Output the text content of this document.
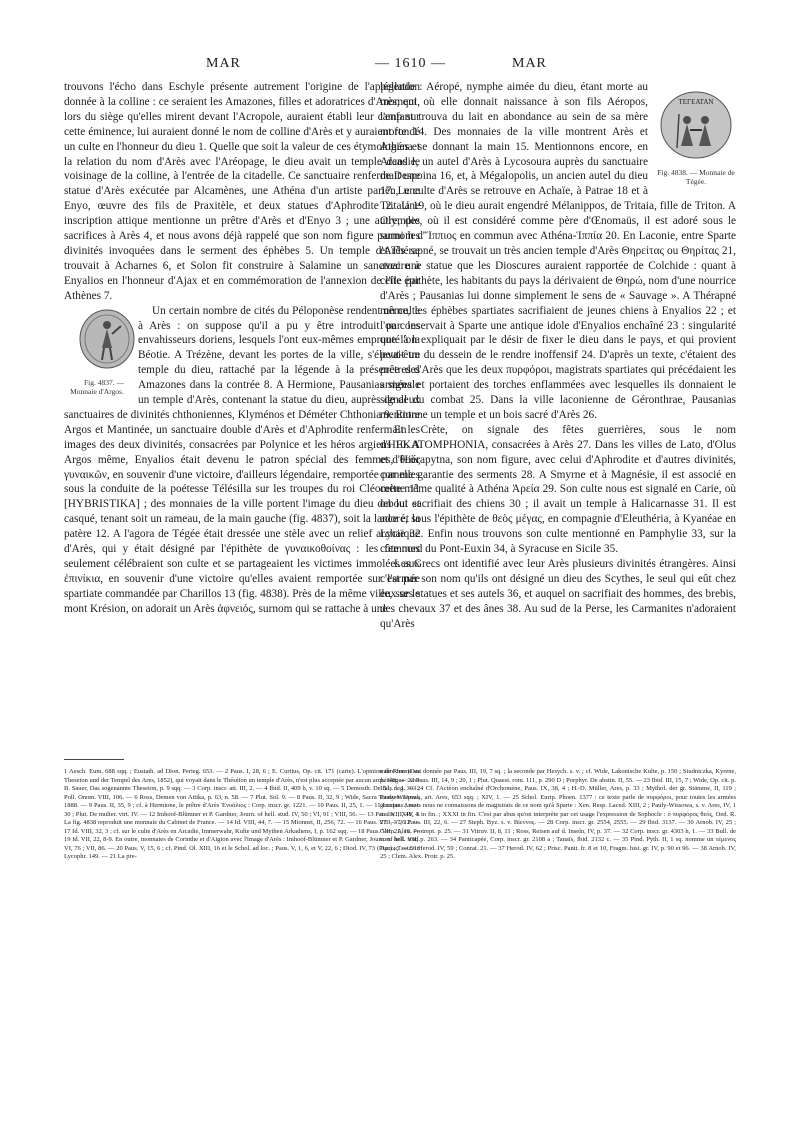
MAR	— 1610 —	MAR

trouvons l'écho dans Eschyle présente autrement l'origine de l'appellation donnée à la colline : ce seraient les Amazones, filles et adoratrices d'Arès, qui, lors du siège qu'elles mirent devant l'Acropole, auraient établi leur camp sur cette éminence, lui auraient donné le nom de colline d'Arès et y auraient fondé un culte en l'honneur du dieu 1. Quelle que soit la valeur de ces étymologies et la relation du nom d'Arès avec l'Aréopage, le dieu avait un temple dans le voisinage de la colline, à l'entrée de la citadelle. Ce sanctuaire renfermait une statue d'Arès exécutée par Alcamènes, une Athéna d'un artiste parien, une Enyo, œuvre des fils de Praxitèle, et deux statues d'Aphrodite 2. Une inscription attique mentionne un prêtre d'Arès et d'Enyo 3 ; une autre, des sacrifices à Arès 4, et nous avons déjà rappelé que son nom figure parmi les divinités invoquées dans le serment des éphèbes 5. Un temple d'Arès se trouvait à Acharnes 6, et Solon fit construire à Salamine un sanctuaire à Enyalios en l'honneur d'Ajax et en commémoration de l'annexion de l'île par Athènes 7.

Fig. 4837. — Monnaie d'Argos.
Un certain nombre de cités du Péloponèse rendent un culte à Arès : on suppose qu'il a pu y être introduit par les envahisseurs doriens, lesquels l'ont eux-mêmes emprunté à la Béotie. A Trézène, devant les portes de la ville, s'élevait un temple du dieu, rattaché par la légende à la présence des Amazones dans la contrée 8. A Hermione, Pausanias signale un temple d'Arès, contenant la statue du dieu, auprès de deux sanctuaires de divinités chthoniennes, Klyménos et Déméter Chthonia 9. Entre Argos et Mantinée, un sanctuaire double d'Arès et d'Aphrodite renfermait les images des deux divinités, consacrées par Polynice et les héros argiens 10. A Argos même, Enyalios était devenu le patron spécial des femmes, θεὸς γυναικῶν, en souvenir d'une victoire, d'ailleurs légendaire, remportée par elles sous la conduite de la poétesse Télésilla sur les troupes du roi Cléomène 11 [HYBRISTIKA] ; des monnaies de la ville portent l'image du dieu debout et casqué, tenant soit un rameau, de la main gauche (fig. 4837), soit la lance et la patère 12. A l'agora de Tégée était dressée une stèle avec un relief archaïque d'Arès, qui y était désigné par l'épithète de γυναικοθοίνας : les femmes seulement célébraient son culte et se partageaient les victimes immolées aux ἐπινίκια, en souvenir d'une victoire qu'elles avaient remportée sur l'armée spartiate commandée par Charillos 13 (fig. 4838). Près de la même ville, sur le mont Krésion, on adorait un Arès ἀφνειός, surnom qui se rattache à une

TEΓEATAN
Fig. 4838. — Monnaie de Tégée.
légende : Aéropé, nymphe aimée du dieu, étant morte au moment où elle donnait naissance à son fils Aéropos, l'enfant trouva du lait en abondance au sein de sa mère morte 14. Des monnaies de la ville montrent Arès et Athéna se donnant la main 15. Mentionnons encore, en Arcadie, un autel d'Arès à Lycosoura auprès du sanctuaire de Despoina 16, et, à Mégalopolis, un ancien autel du dieu 17. Le culte d'Arès se retrouve en Achaïe, à Patrae 18 et à Tritaia 19, où le dieu aurait engendré Mélanippos, de Tritaia, fille de Triton. A Olympie, où il est considéré comme père d'Œnomaüs, il est adoré sous le surnom d'Ἵππιος en commun avec Athéna-Ἱππία 20. En Laconie, entre Sparte et Thérapné, se trouvait un très ancien temple d'Arès Θηρείτας ou Θηρίτας 21, avec une statue que les Dioscures auraient rapportée de Colchide : quant à cette épithète, les habitants du pays la dérivaient de Θηρώ, nom d'une nourrice d'Arès ; Pausanias lui donne simplement le sens de « Sauvage ». A Thérapné même, les éphèbes spartiates sacrifiaient de jeunes chiens à Enyalios 22 ; et l'on conservait à Sparte une antique idole d'Enyalios enchaîné 23 : singularité que l'on expliquait par le désir de fixer le dieu dans le pays, et qui provient peut-être du dessein de le rendre inoffensif 24. D'après un texte, c'étaient des prêtres d'Arès que les deux πυρφόροι, magistrats spartiates qui précédaient les armées et portaient des torches enflammées avec lesquelles ils donnaient le signal du combat 25. Dans la ville laconienne de Géronthrae, Pausanias mentionne un temple et un bois sacré d'Arès 26.

En Crète, on signale des fêtes guerrières, sous le nom d'HEKATOMPHONIA, consacrées à Arès 27. Dans les villes de Lato, d'Olus et d'Hiérapytna, son nom figure, avec celui d'Aphrodite et d'autres divinités, comme garantie des serments 28. A Smyrne et à Magnésie, il est associé en cette même qualité à Athéna Ἀρεία 29. Son culte nous est signalé en Carie, où on lui sacrifiait des chiens 30 ; il avait un temple à Halicarnasse 31. Il est adoré, sous l'épithète de θεὸς μέγας, en compagnie d'Eleuthéria, à Kyanéae en Lycie 32. Enfin nous trouvons son culte mentionné en Pamphylie 33, sur la côte nord du Pont-Euxin 34, à Syracuse en Sicile 35.

Les Grecs ont identifié avec leur Arès plusieurs divinités étrangères. Ainsi c'est par son nom qu'ils ont désigné un dieu des Scythes, le seul qui eût chez eux ses statues et ses autels 36, et auquel on sacrifiait des hommes, des brebis, des chevaux 37 et des ânes 38. Au sud de la Perse, les Carmanites n'adoraient qu'Arès

1 Aesch. Eum. 688 sqq. ; Eustath. ad Dion. Perieg. 653. — 2 Paus. I, 28, 6 ; E. Curtius, Op. cit. 171 (carte). L'opinion de Ross (Das Theseion und der Tempel des Ares, 1852), qui voyait dans le Théséion un temple d'Arès, n'est plus acceptée par aucun archéologue : voir B. Sauer, Das sogenannte Theseion, p. 9 sqq. — 3 Corp. inscr. att. III, 2. — 4 Ibid. II, 409 b, v. 10 sq. — 5 Demosth. De fals. leg. 303 ; Poll. Onom. VIII, 106. — 6 Ross, Demen von Attika, p. 63, n. 58. — 7 Plut. Sol. 9. — 8 Paus. II, 32, 9 ; Wide, Sacra Troezen. Upsal, 1888. — 9 Paus. II, 35, 9 ; cf. à Hermione, le prêtre d'Arès Ἐνυάλιος : Corp. inscr. gr. 1221. — 10 Paus. II, 25, 1. — 11 Lucian. Amor. 30 ; Plut. De mulier. virt. IV. — 12 Imhoof-Blümner et P. Gardner, Journ. of hell. stud. IV, 50 ; VI, 91 ; VIII, 56. — 13 Paus. VIII, 48, 4. La fig. 4838 reproduit une monnaie du Cabinet de France. — 14 Id. VIII, 44, 7. — 15 Mionnet, II, 256, 72. — 16 Paus. VIII, 37, 12. — 17 Id. VIII, 32, 3 ; cf. sur le culte d'Arès en Arcadie, Immerwahr, Kulte und Mythen Arkadiens, I, p. 162 sqq. — 18 Paus. VII, 21, 10. — 19 Id. VII, 22, 8-9. En outre, monnaies de Corinthe et d'Aigion avec l'image d'Arès : Imhoof-Blümner et P. Gardner, Journ. of hell. stud. VI, 76 ; VII, 86. — 20 Paus. V, 15, 6 ; cf. Pind. Ol. XIII, 16 et le Schol. ad loc. ; Paus. V, 1, 6, et V, 22, 6 ; Diod. IV, 73 (Pisc) ; Tzetz. in Lycophr. 149. — 21 La pre-
mière forme est donnée par Paus. III, 19, 7 sq. ; la seconde par Hesych. s. v. ; cf. Wide, Lakonische Kulte, p. 150 ; Studniczka, Kyrene, p. 148. — 22 Paus. III, 14, 9 ; 20, 1 ; Plut. Quaest. rom. 111, p. 290 D ; Porphyr. De abstin. II, 55. — 23 Ibid. III, 15, 7 ; Wide, Op. cit. p. 151, n. 1. — 24 Cf. l'Actéon enchaîné d'Orchomène, Paus. IX, 38, 4 ; H.-D. Müller, Ares, p. 33 ; Mythol. der gr. Stämme, II, 119 ; Pauly-Wissowa, art. Ares, 653 sqq. ; XIV, 1. — 25 Schol. Eurip. Phoen. 1377 : ce texte parle de πυρφόροι, pour toutes les armées grecques ; mais nous ne connaissons de magistrats de ce nom qu'à Sparte : Xen. Resp. Laced. XIII, 2 ; Pauly-Wissowa, s. v. Ares, IV, 1 in fin. ; XIV, 3 in fin. ; XXXI in fin. C'est par abus qu'on interprète par cet usage l'expression de Sophocle : ὁ πυρφόρος θεός, Oed. R. 27. — 26 Paus. III, 22, 6. — 27 Steph. Byz. s. v. Βίεννος. — 28 Corp. inscr. gr. 2554, 2555. — 29 Ibid. 3137. — 30 Arnob. IV, 25 ; Clem. Alex. Protrept. p. 25. — 31 Vitruv. II, 8, 11 ; Ross, Reisen auf d. Inseln, IV, p. 37. — 32 Corp. inscr. gr. 4303 h, 1. — 33 Bull. de corr. hell. VII, p. 263. — 34 Panticapée, Corp. inscr. gr. 2108 a ; Tanaïs, Ibid. 2132 c. — 35 Pind. Pyth. II, 1 sq. nomme un τέμενος Ἄρεως. — 36 Herod. IV, 59 ; Conrat. 21. — 37 Herod. IV, 62 ; Prisc. Panit. fr. 8 et 10, Fragm. hist. gr. IV, p. 90 et 96. — 38 Arnob. IV, 25 ; Clem. Alex. Protr. p. 25.
